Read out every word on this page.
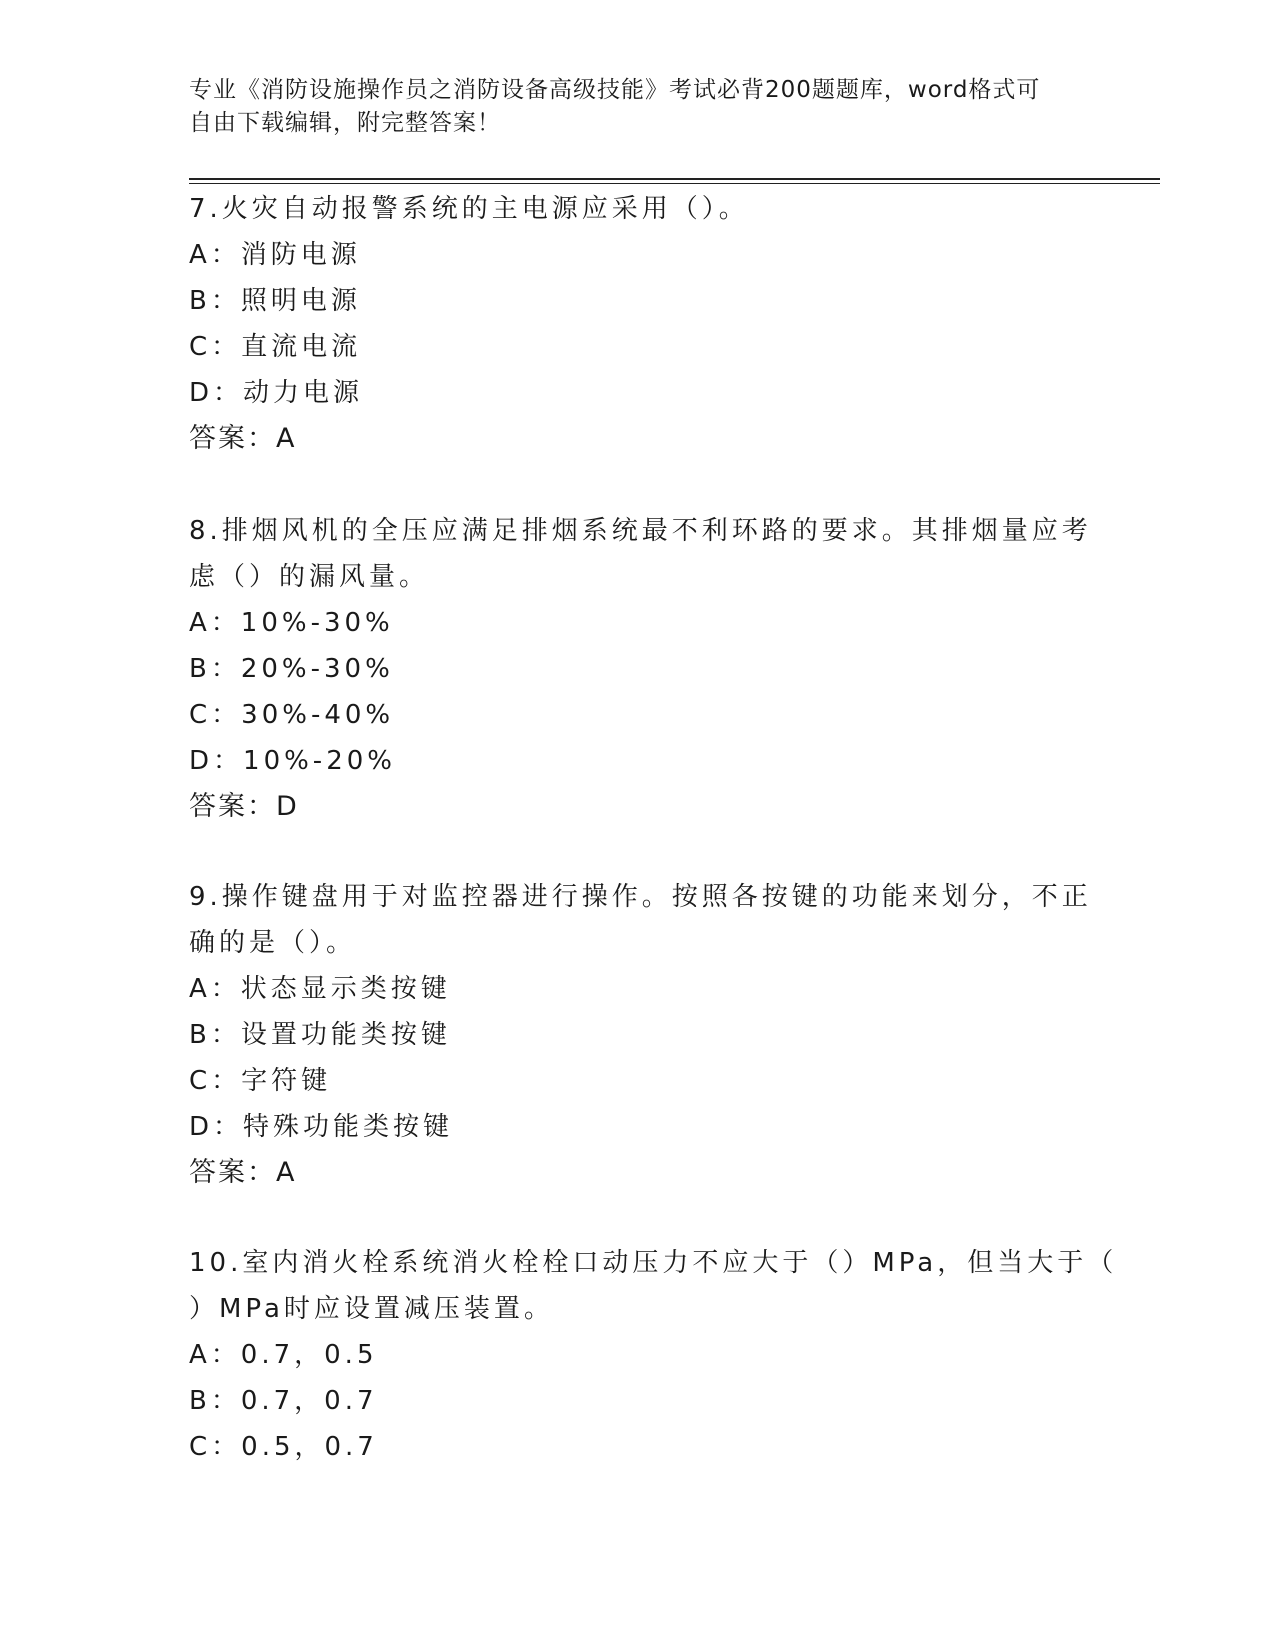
专业《消防设施操作员之消防设备高级技能》考试必背200题题库，word格式可
自由下载编辑，附完整答案！
7.火灾自动报警系统的主电源应采用（）。
A：消防电源
B：照明电源
C：直流电流
D：动力电源
答案：A
8.排烟风机的全压应满足排烟系统最不利环路的要求。其排烟量应考
虑（）的漏风量。
A：10%-30%
B：20%-30%
C：30%-40%
D：10%-20%
答案：D
9.操作键盘用于对监控器进行操作。按照各按键的功能来划分，不正
确的是（）。
A：状态显示类按键
B：设置功能类按键
C：字符键
D：特殊功能类按键
答案：A
10.室内消火栓系统消火栓栓口动压力不应大于（）MPa，但当大于（
）MPa时应设置减压装置。
A：0.7，0.5
B：0.7，0.7
C：0.5，0.7
